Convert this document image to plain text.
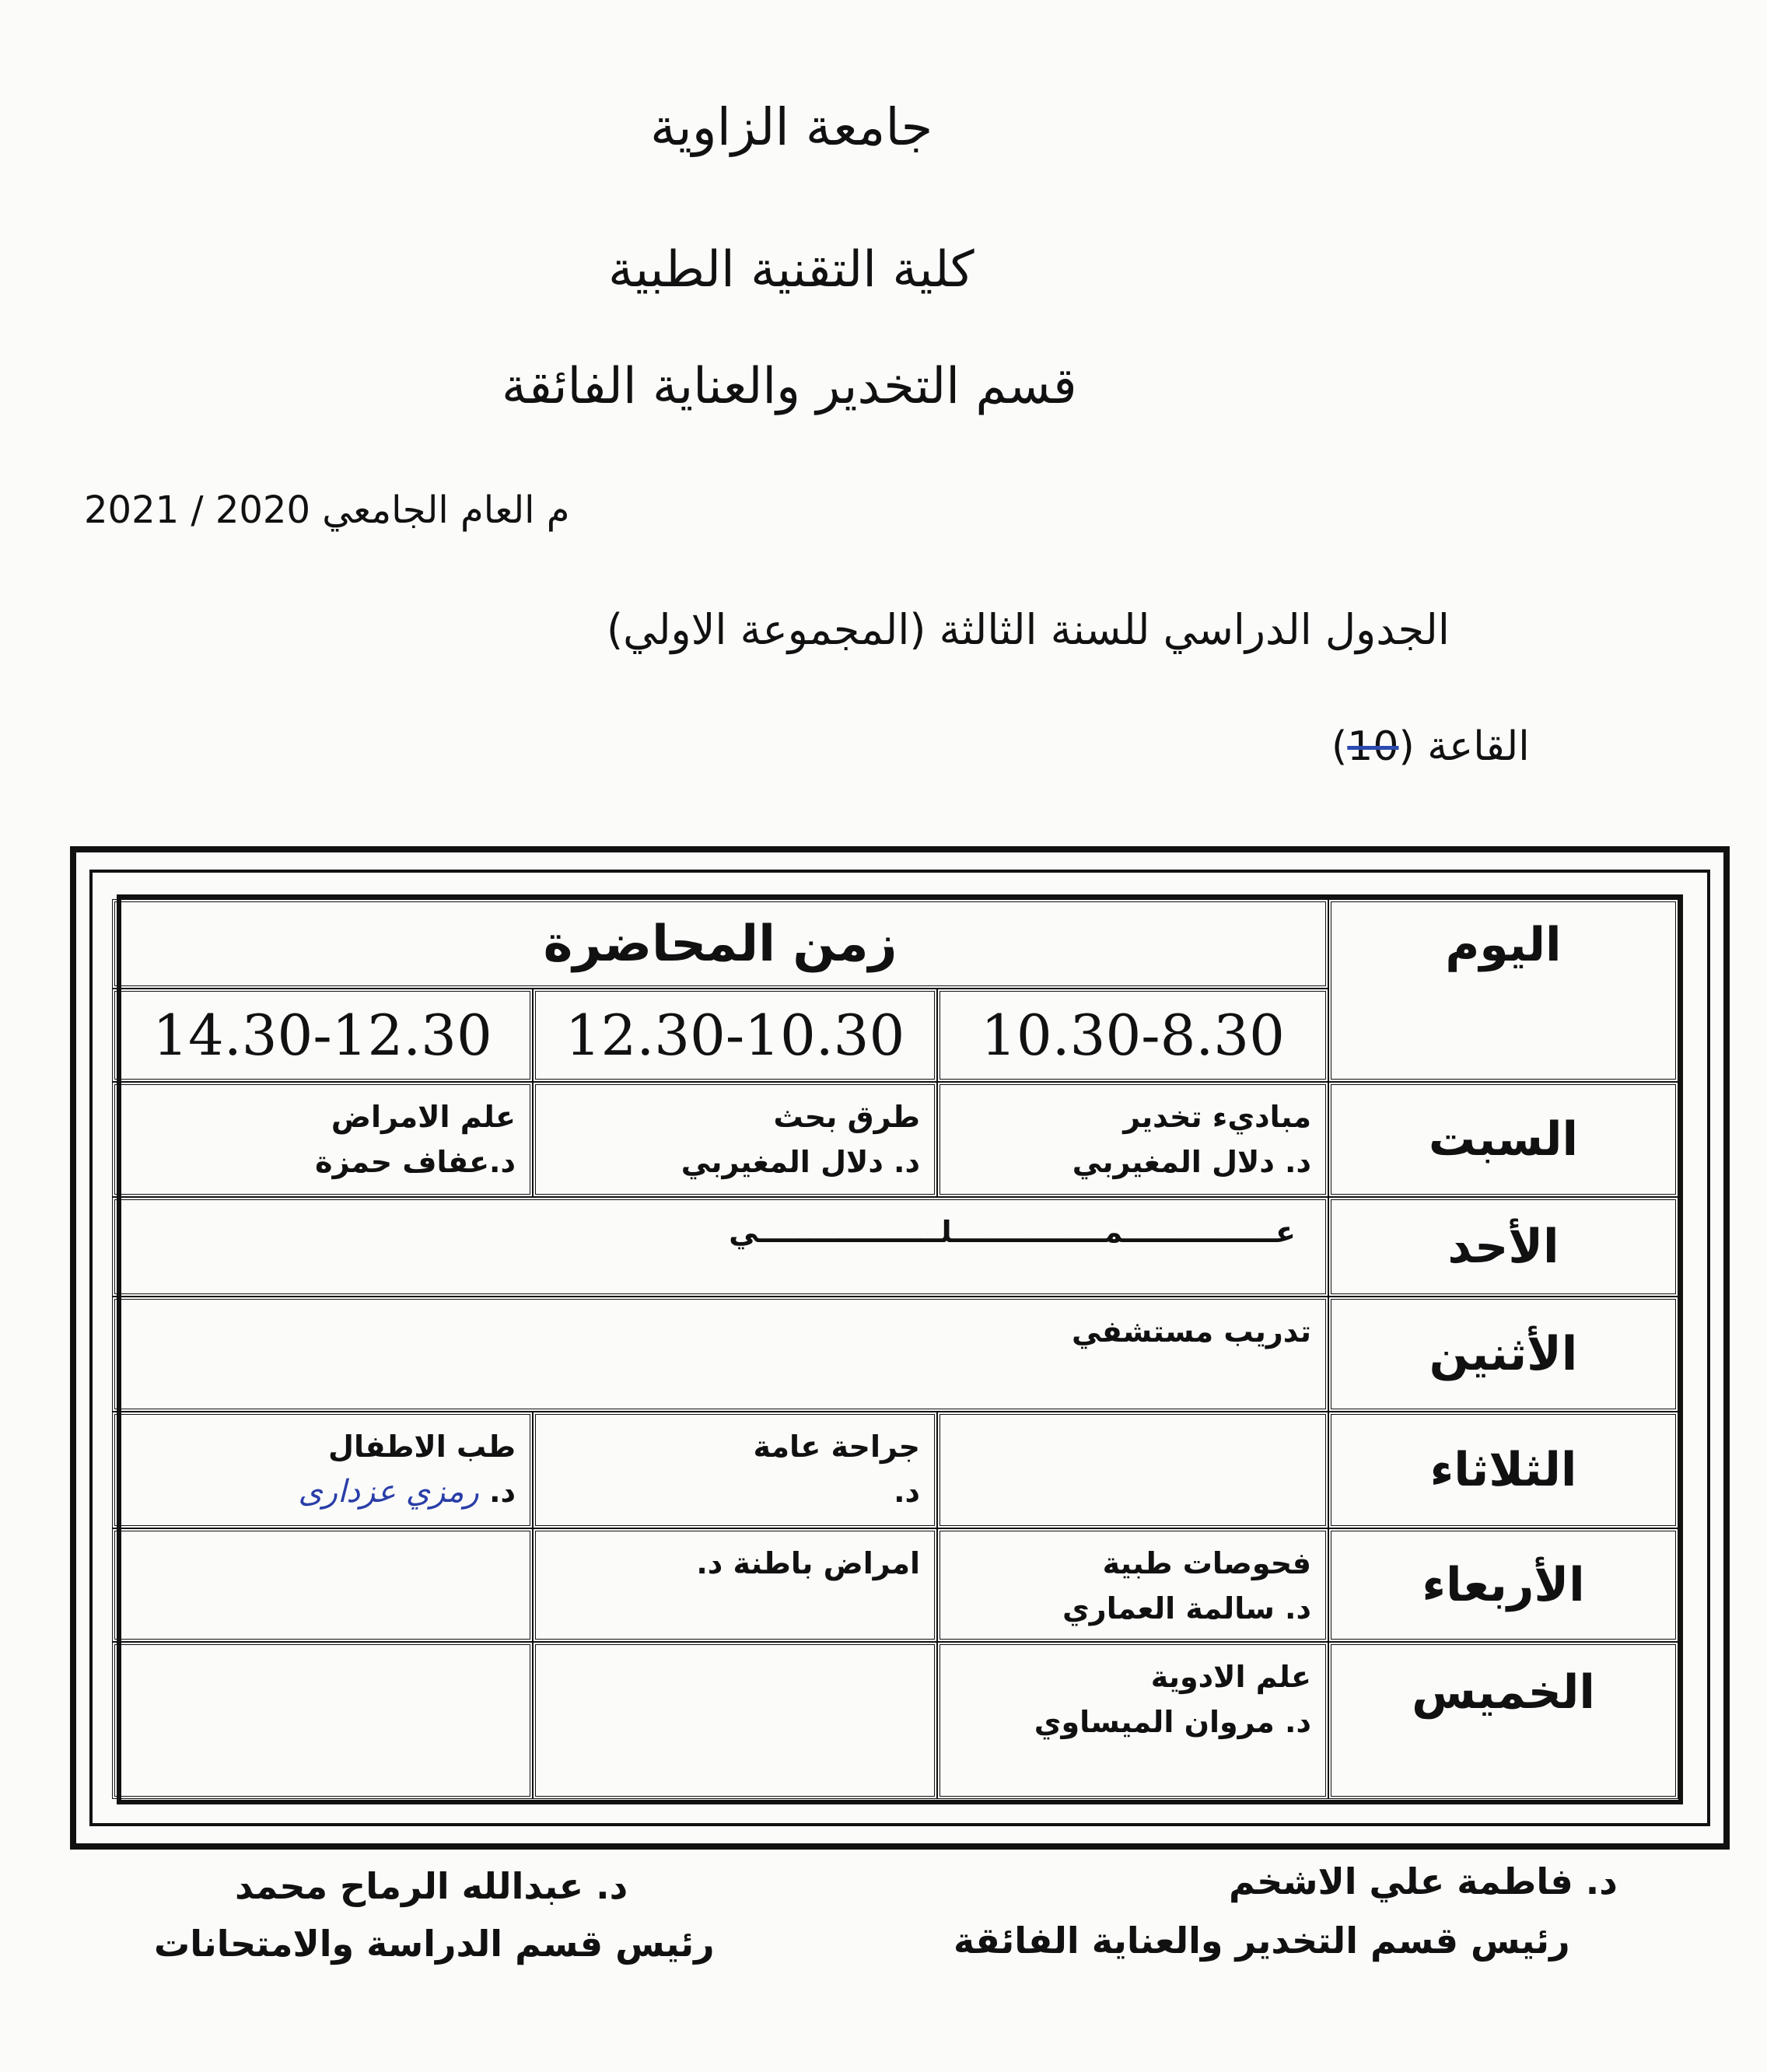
جامعة الزاوية
كلية التقنية الطبية
قسم التخدير والعناية الفائقة
2021 / 2020 م العام الجامعي
الجدول الدراسي للسنة الثالثة (المجموعة الاولي)
(10) القاعة
اليوم
زمن المحاضرة
10.30-8.30
12.30-10.30
14.30-12.30
السبت
مباديء تخدير
د. دلال المغيربي
طرق بحث
د. دلال المغيربي
علم الامراض
د.عفاف حمزة
الأحد
عـــــــــــــــمـــــــــــــــلــــــــــــــــــي
الأثنين
تدريب مستشفي
الثلاثاء
جراحة عامة
د.
طب الاطفال
د. رمزي عزدارى
الأربعاء
فحوصات طبية
د. سالمة العماري
امراض باطنة د.
الخميس
علم الادوية
د. مروان الميساوي
د. فاطمة علي الاشخم
رئيس قسم التخدير والعناية الفائقة
د. عبدالله الرماح محمد
رئيس قسم الدراسة والامتحانات
